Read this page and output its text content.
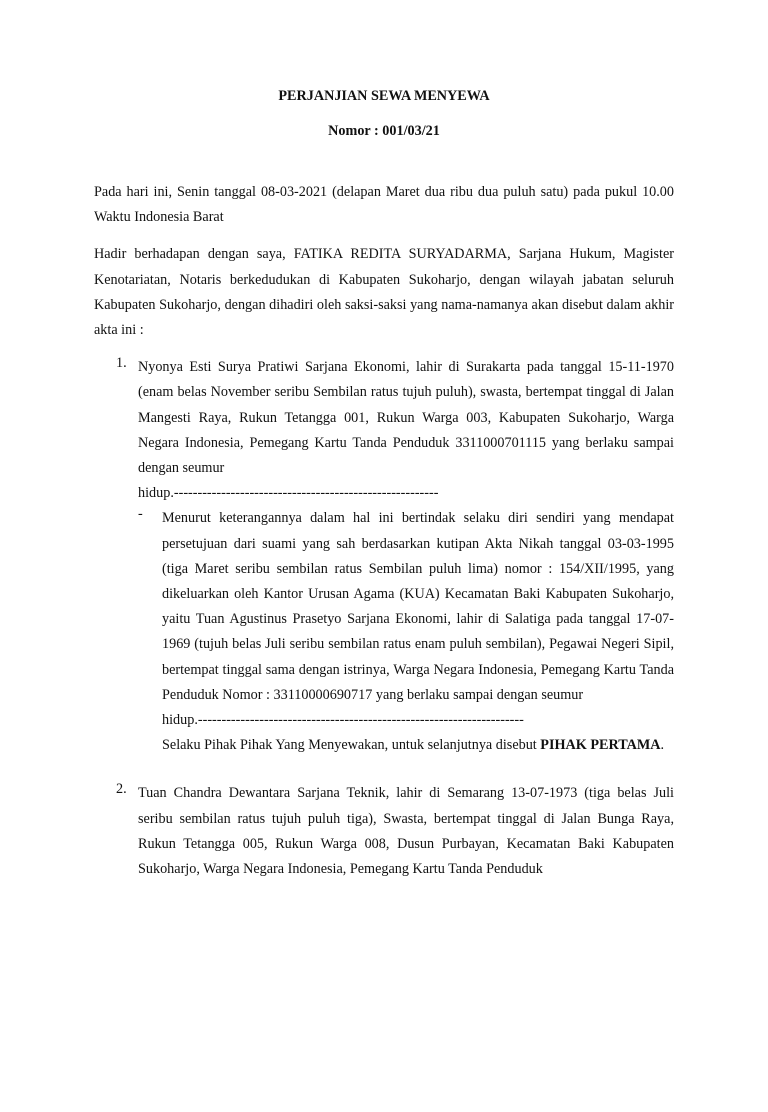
PERJANJIAN SEWA MENYEWA
Nomor : 001/03/21

Pada hari ini, Senin tanggal 08-03-2021 (delapan Maret dua ribu dua puluh satu) pada pukul 10.00 Waktu Indonesia Barat

Hadir berhadapan dengan saya, FATIKA REDITA SURYADARMA, Sarjana Hukum, Magister Kenotariatan, Notaris berkedudukan di Kabupaten Sukoharjo, dengan wilayah jabatan seluruh Kabupaten Sukoharjo, dengan dihadiri oleh saksi-saksi yang nama-namanya akan disebut dalam akhir akta ini :

1. Nyonya Esti Surya Pratiwi Sarjana Ekonomi, lahir di Surakarta pada tanggal 15-11-1970 (enam belas November seribu Sembilan ratus tujuh puluh), swasta, bertempat tinggal di Jalan Mangesti Raya, Rukun Tetangga 001, Rukun Warga 003, Kabupaten Sukoharjo, Warga Negara Indonesia, Pemegang Kartu Tanda Penduduk 3311000701115 yang berlaku sampai dengan seumur

hidup.--------------------------------------------------------

- Menurut keterangannya dalam hal ini bertindak selaku diri sendiri yang mendapat persetujuan dari suami yang sah berdasarkan kutipan Akta Nikah tanggal 03-03-1995 (tiga Maret seribu sembilan ratus Sembilan puluh lima) nomor : 154/XII/1995, yang dikeluarkan oleh Kantor Urusan Agama (KUA) Kecamatan Baki Kabupaten Sukoharjo, yaitu Tuan Agustinus Prasetyo Sarjana Ekonomi, lahir di Salatiga pada tanggal 17-07-1969 (tujuh belas Juli seribu sembilan ratus enam puluh sembilan), Pegawai Negeri Sipil, bertempat tinggal sama dengan istrinya, Warga Negara Indonesia, Pemegang Kartu Tanda Penduduk Nomor : 33110000690717 yang berlaku sampai dengan seumur

hidup.---------------------------------------------------------------------

Selaku Pihak Pihak Yang Menyewakan, untuk selanjutnya disebut PIHAK PERTAMA.

2. Tuan Chandra Dewantara Sarjana Teknik, lahir di Semarang 13-07-1973 (tiga belas Juli seribu sembilan ratus tujuh puluh tiga), Swasta, bertempat tinggal di Jalan Bunga Raya, Rukun Tetangga 005, Rukun Warga 008, Dusun Purbayan, Kecamatan Baki Kabupaten Sukoharjo, Warga Negara Indonesia, Pemegang Kartu Tanda Penduduk
